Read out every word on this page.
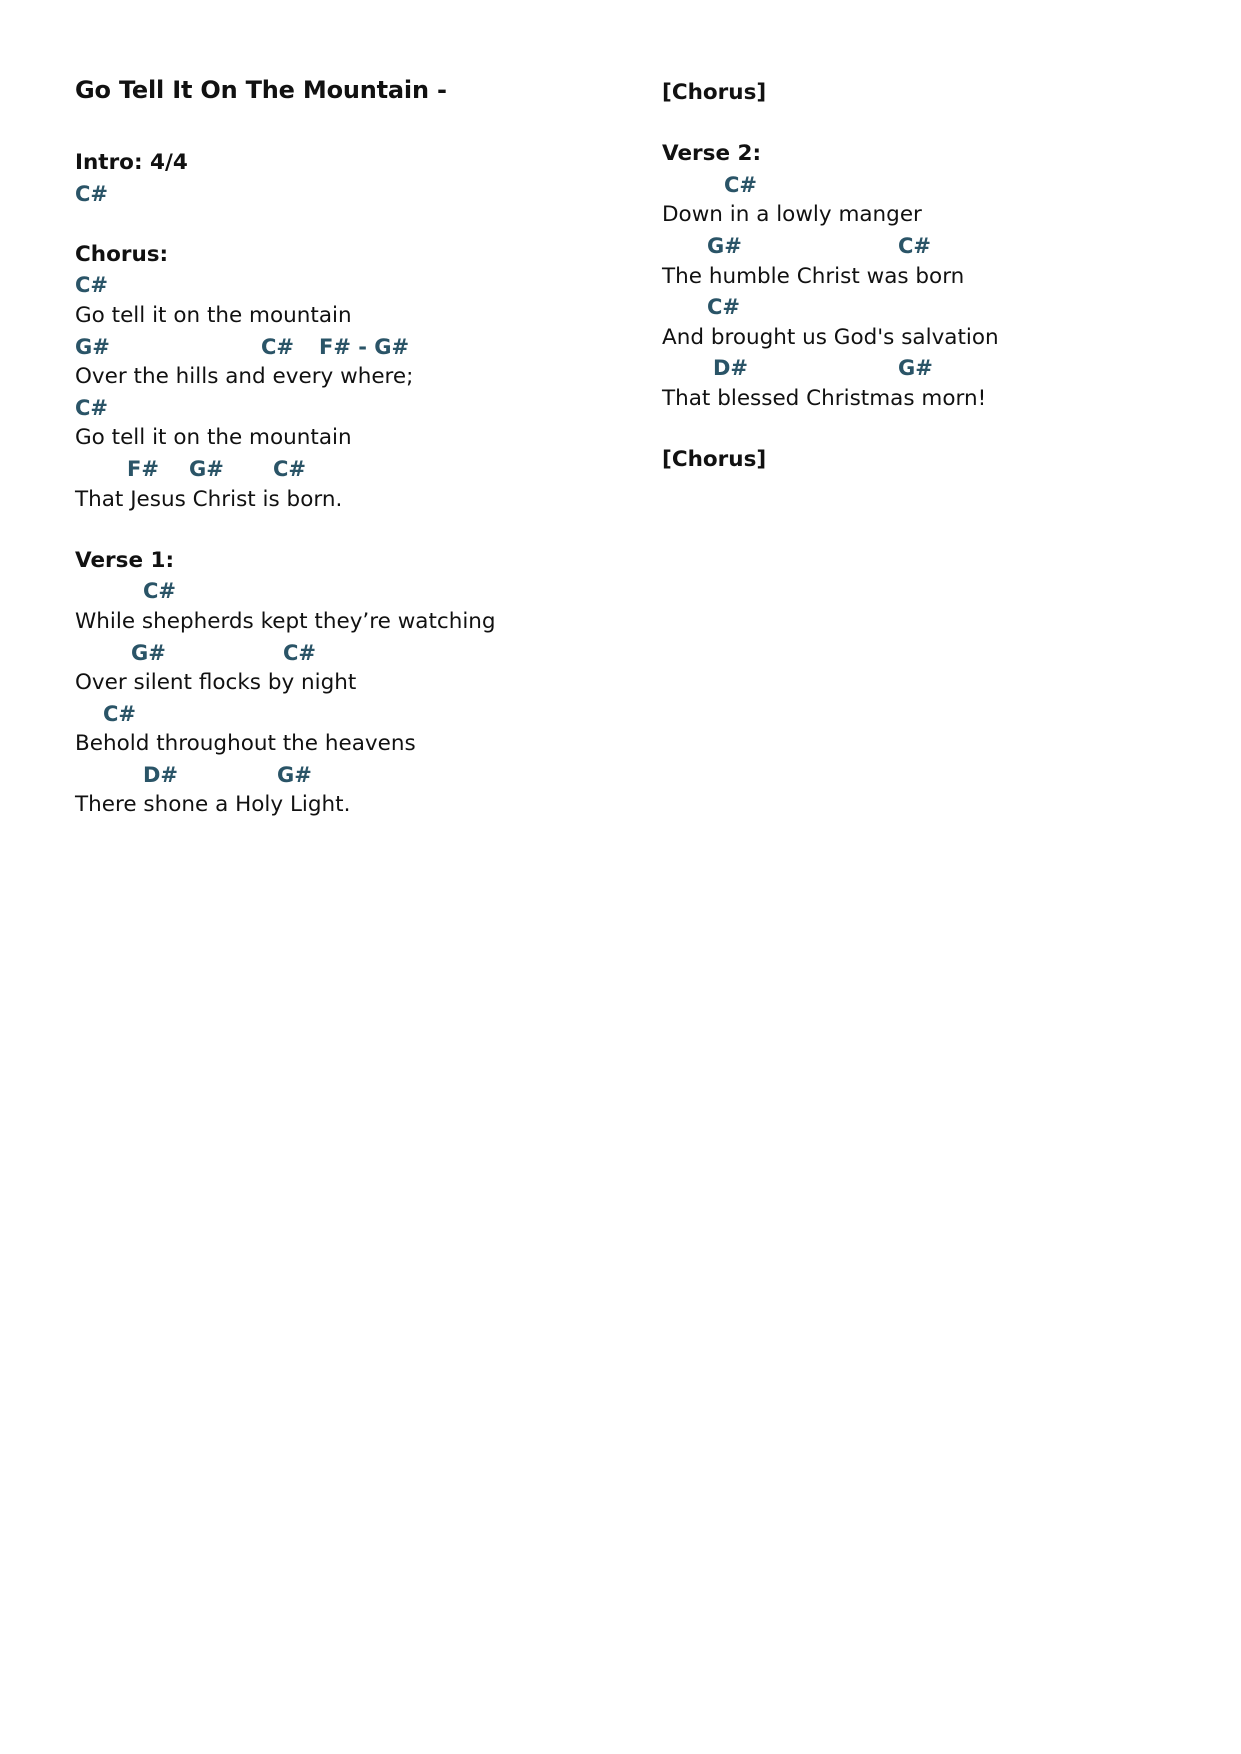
Go Tell It On The Mountain -
Intro: 4/4
C#
Chorus:
C#
Go tell it on the mountain
G#	C# F# - G#
Over the hills and every where;
C#
Go tell it on the mountain
F# G# C#
That Jesus Christ is born.
Verse 1:
C#
While shepherds kept they’re watching
G#	C#
Over silent flocks by night
C#
Behold throughout the heavens
D#	G#
There shone a Holy Light.
[Chorus]
Verse 2:
C#
Down in a lowly manger
G#	C#
The humble Christ was born
C#
And brought us God's salvation
D#	G#
That blessed Christmas morn!
[Chorus]
